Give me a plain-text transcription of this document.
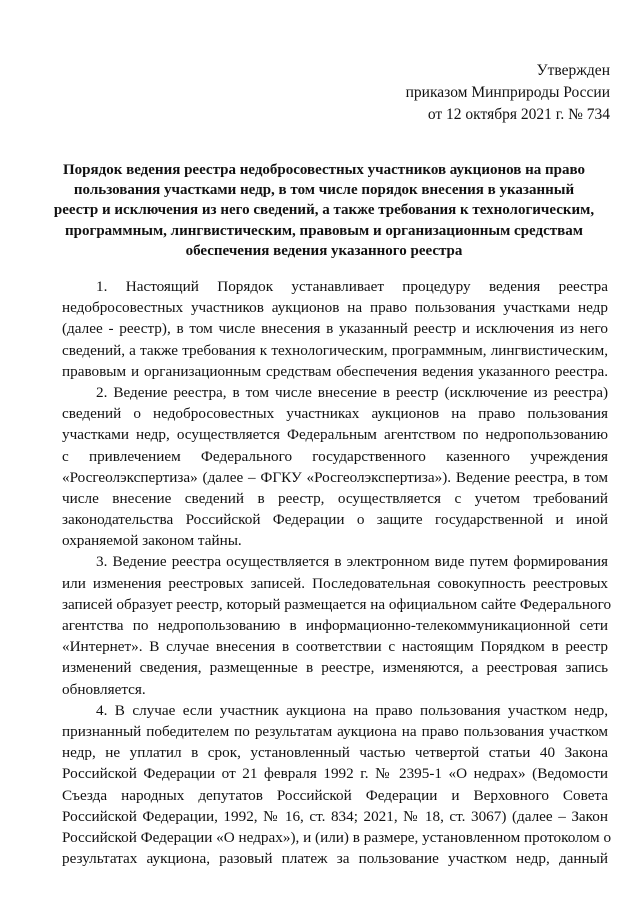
Утвержден
приказом Минприроды России
от 12 октября 2021 г. № 734
Порядок ведения реестра недобросовестных участников аукционов на право
пользования участками недр, в том числе порядок внесения в указанный
реестр и исключения из него сведений, а также требования к технологическим,
программным, лингвистическим, правовым и организационным средствам
обеспечения ведения указанного реестра
1. Настоящий Порядок устанавливает процедуру ведения реестра
недобросовестных участников аукционов на право пользования участками недр
(далее - реестр), в том числе внесения в указанный реестр и исключения из него
сведений, а также требования к технологическим, программным, лингвистическим,
правовым и организационным средствам обеспечения ведения указанного реестра.
2. Ведение реестра, в том числе внесение в реестр (исключение из реестра)
сведений о недобросовестных участниках аукционов на право пользования
участками недр, осуществляется Федеральным агентством по недропользованию
с привлечением Федерального государственного казенного учреждения
«Росгеолэкспертиза» (далее – ФГКУ «Росгеолэкспертиза»). Ведение реестра, в том
числе внесение сведений в реестр, осуществляется с учетом требований
законодательства Российской Федерации о защите государственной и иной
охраняемой законом тайны.
3. Ведение реестра осуществляется в электронном виде путем формирования
или изменения реестровых записей. Последовательная совокупность реестровых
записей образует реестр, который размещается на официальном сайте Федерального
агентства по недропользованию в информационно-телекоммуникационной сети
«Интернет». В случае внесения в соответствии с настоящим Порядком в реестр
изменений сведения, размещенные в реестре, изменяются, а реестровая запись
обновляется.
4. В случае если участник аукциона на право пользования участком недр,
признанный победителем по результатам аукциона на право пользования участком
недр, не уплатил в срок, установленный частью четвертой статьи 40 Закона
Российской Федерации от 21 февраля 1992 г. № 2395-1 «О недрах» (Ведомости
Съезда народных депутатов Российской Федерации и Верховного Совета
Российской Федерации, 1992, № 16, ст. 834; 2021, № 18, ст. 3067) (далее – Закон
Российской Федерации «О недрах»), и (или) в размере, установленном протоколом о
результатах аукциона, разовый платеж за пользование участком недр, данный
